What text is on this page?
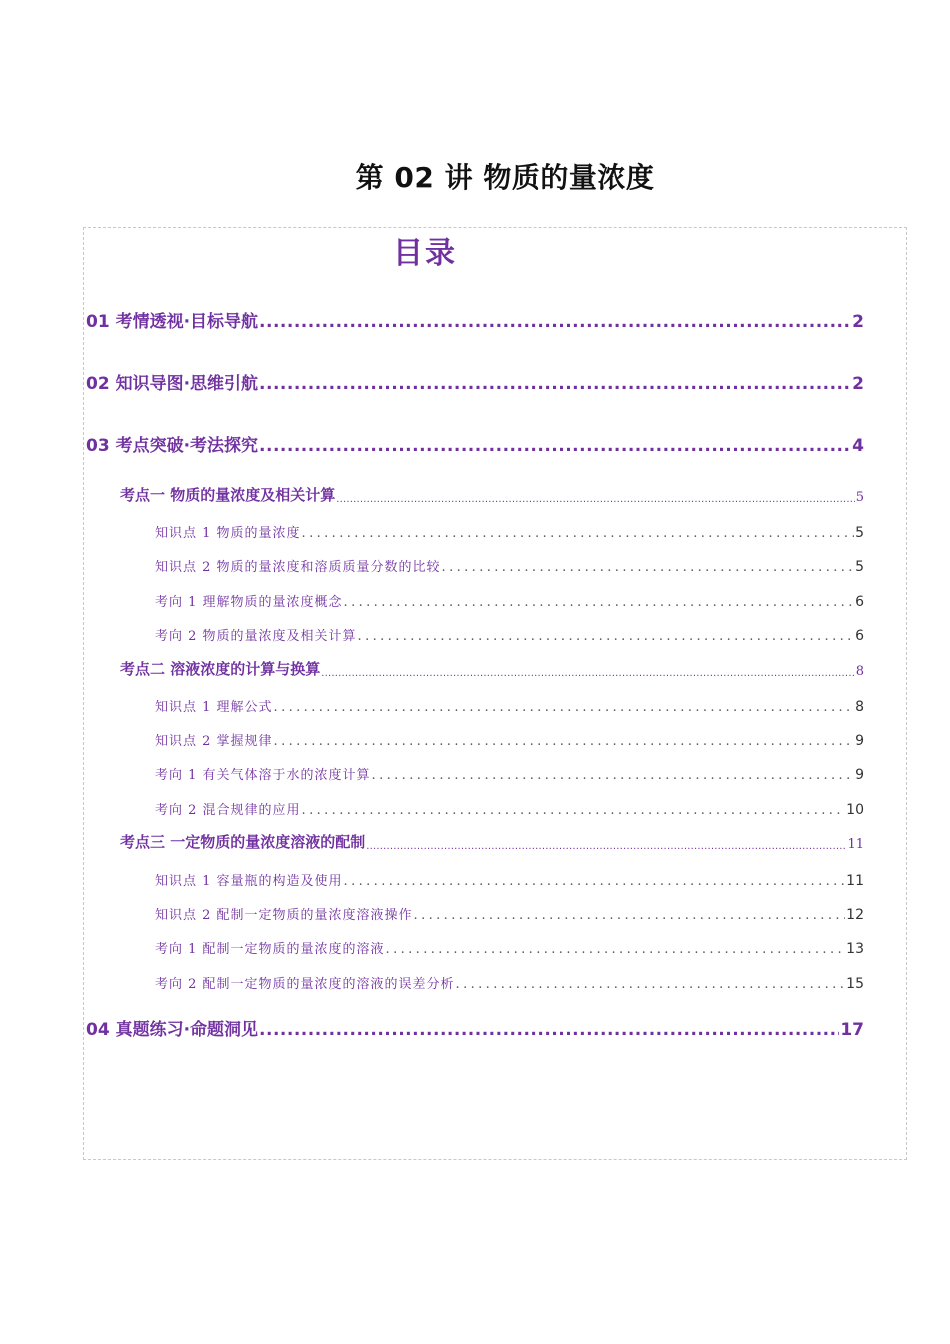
第 02 讲 物质的量浓度
目录
01 考情透视·目标导航 .....	2
02 知识导图·思维引航 .....	2
03 考点突破·考法探究 .....	4
考点一 物质的量浓度及相关计算 .....	5
知识点 1 物质的量浓度 .....	5
知识点 2 物质的量浓度和溶质质量分数的比较 .....	5
考向 1 理解物质的量浓度概念 .....	6
考向 2 物质的量浓度及相关计算 .....	6
考点二 溶液浓度的计算与换算 .....	8
知识点 1 理解公式 .....	8
知识点 2 掌握规律 .....	9
考向 1 有关气体溶于水的浓度计算 .....	9
考向 2 混合规律的应用 .....	10
考点三 一定物质的量浓度溶液的配制 .....	11
知识点 1 容量瓶的构造及使用 .....	11
知识点 2 配制一定物质的量浓度溶液操作 .....	12
考向 1 配制一定物质的量浓度的溶液 .....	13
考向 2 配制一定物质的量浓度的溶液的误差分析 .....	15
04 真题练习·命题洞见 .....	17
